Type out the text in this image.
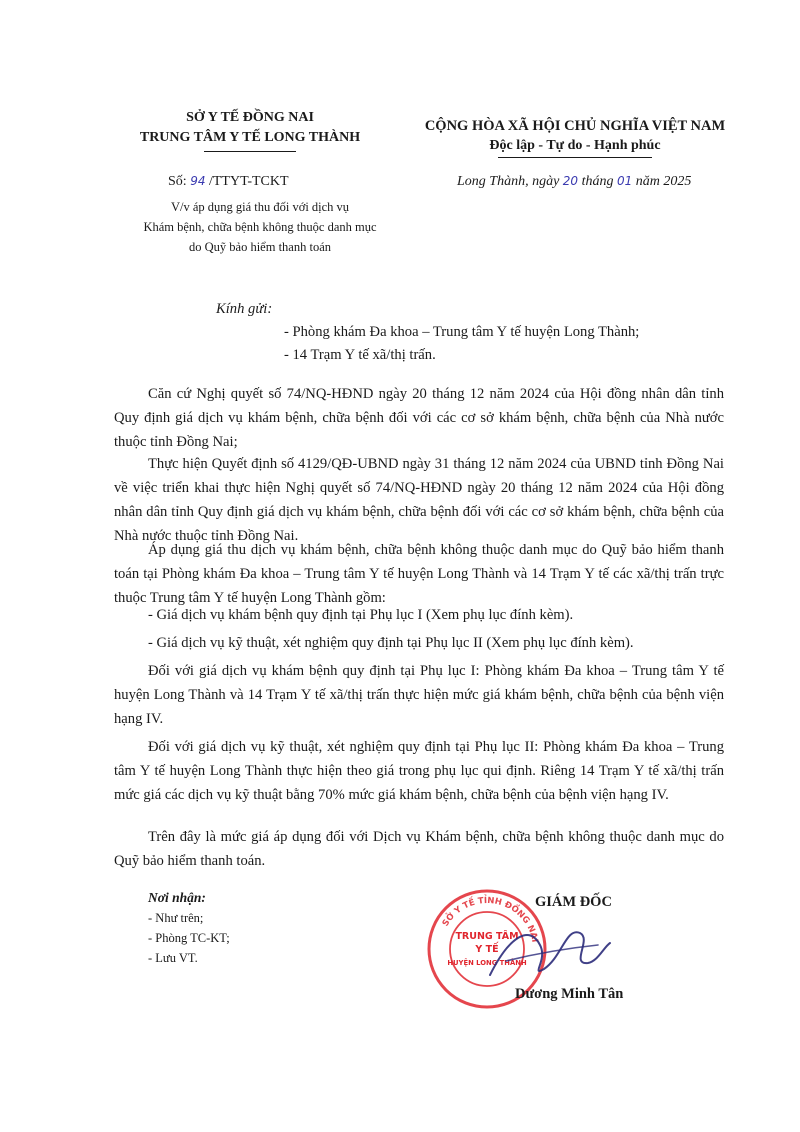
SỞ Y TẾ ĐỒNG NAI
TRUNG TÂM Y TẾ LONG THÀNH
CỘNG HÒA XÃ HỘI CHỦ NGHĨA VIỆT NAM
Độc lập - Tự do - Hạnh phúc
Số: 94 /TTYT-TCKT	Long Thành, ngày 20 tháng 01 năm 2025
V/v áp dụng giá thu đối với dịch vụ
Khám bệnh, chữa bệnh không thuộc danh mục
do Quỹ bảo hiểm thanh toán
Kính gửi:
- Phòng khám Đa khoa – Trung tâm Y tế huyện Long Thành;
- 14 Trạm Y tế xã/thị trấn.
Căn cứ Nghị quyết số 74/NQ-HĐND ngày 20 tháng 12 năm 2024 của Hội đồng nhân dân tỉnh Quy định giá dịch vụ khám bệnh, chữa bệnh đối với các cơ sở khám bệnh, chữa bệnh của Nhà nước thuộc tỉnh Đồng Nai;
Thực hiện Quyết định số 4129/QĐ-UBND ngày 31 tháng 12 năm 2024 của UBND tỉnh Đồng Nai về việc triển khai thực hiện Nghị quyết số 74/NQ-HĐND ngày 20 tháng 12 năm 2024 của Hội đồng nhân dân tỉnh Quy định giá dịch vụ khám bệnh, chữa bệnh đối với các cơ sở khám bệnh, chữa bệnh của Nhà nước thuộc tỉnh Đồng Nai.
Áp dụng giá thu dịch vụ khám bệnh, chữa bệnh không thuộc danh mục do Quỹ bảo hiểm thanh toán tại Phòng khám Đa khoa – Trung tâm Y tế huyện Long Thành và 14 Trạm Y tế các xã/thị trấn trực thuộc Trung tâm Y tế huyện Long Thành gồm:
- Giá dịch vụ khám bệnh quy định tại Phụ lục I (Xem phụ lục đính kèm).
- Giá dịch vụ kỹ thuật, xét nghiệm quy định tại Phụ lục II (Xem phụ lục đính kèm).
Đối với giá dịch vụ khám bệnh quy định tại Phụ lục I: Phòng khám Đa khoa – Trung tâm Y tế huyện Long Thành và 14 Trạm Y tế xã/thị trấn thực hiện mức giá khám bệnh, chữa bệnh của bệnh viện hạng IV.
Đối với giá dịch vụ kỹ thuật, xét nghiệm quy định tại Phụ lục II: Phòng khám Đa khoa – Trung tâm Y tế huyện Long Thành thực hiện theo giá trong phụ lục qui định. Riêng 14 Trạm Y tế xã/thị trấn mức giá các dịch vụ kỹ thuật bằng 70% mức giá khám bệnh, chữa bệnh của bệnh viện hạng IV.
Trên đây là mức giá áp dụng đối với Dịch vụ Khám bệnh, chữa bệnh không thuộc danh mục do Quỹ bảo hiểm thanh toán.
Nơi nhận:
- Như trên;
- Phòng TC-KT;
- Lưu VT.
GIÁM ĐỐC
SỞ Y TẾ TỈNH ĐỒNG NAI
TRUNG TÂM
Y TẾ
HUYỆN LONG THÀNH
Dương Minh Tân
